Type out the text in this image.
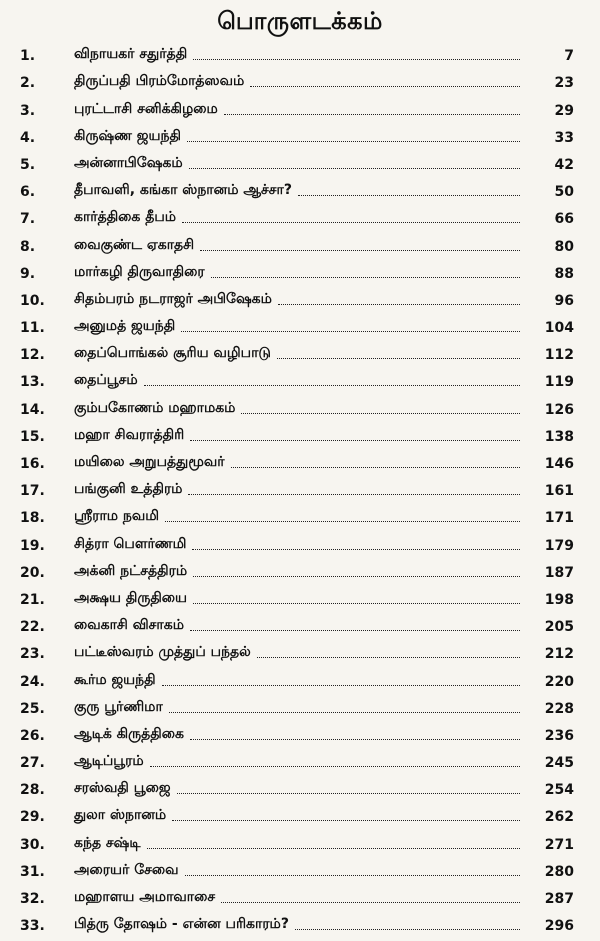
பொருளடக்கம்
1.	விநாயகர் சதுர்த்தி	7
2.	திருப்பதி பிரம்மோத்ஸவம்	23
3.	புரட்டாசி சனிக்கிழமை	29
4.	கிருஷ்ண ஜயந்தி	33
5.	அன்னாபிஷேகம்	42
6.	தீபாவளி, கங்கா ஸ்நானம் ஆச்சா?	50
7.	கார்த்திகை தீபம்	66
8.	வைகுண்ட ஏகாதசி	80
9.	மார்கழி திருவாதிரை	88
10.	சிதம்பரம் நடராஜர் அபிஷேகம்	96
11.	அனுமத் ஜயந்தி	104
12.	தைப்பொங்கல் சூரிய வழிபாடு	112
13.	தைப்பூசம்	119
14.	கும்பகோணம் மஹாமகம்	126
15.	மஹா சிவராத்திரி	138
16.	மயிலை அறுபத்துமூவர்	146
17.	பங்குனி உத்திரம்	161
18.	ஸ்ரீராம நவமி	171
19.	சித்ரா பௌர்ணமி	179
20.	அக்னி நட்சத்திரம்	187
21.	அக்ஷய திருதியை	198
22.	வைகாசி விசாகம்	205
23.	பட்டீஸ்வரம் முத்துப் பந்தல்	212
24.	கூர்ம ஜயந்தி	220
25.	குரு பூர்ணிமா	228
26.	ஆடிக் கிருத்திகை	236
27.	ஆடிப்பூரம்	245
28.	சரஸ்வதி பூஜை	254
29.	துலா ஸ்நானம்	262
30.	கந்த சஷ்டி	271
31.	அரையர் சேவை	280
32.	மஹாளய அமாவாசை	287
33.	பித்ரு தோஷம் - என்ன பரிகாரம்?	296
